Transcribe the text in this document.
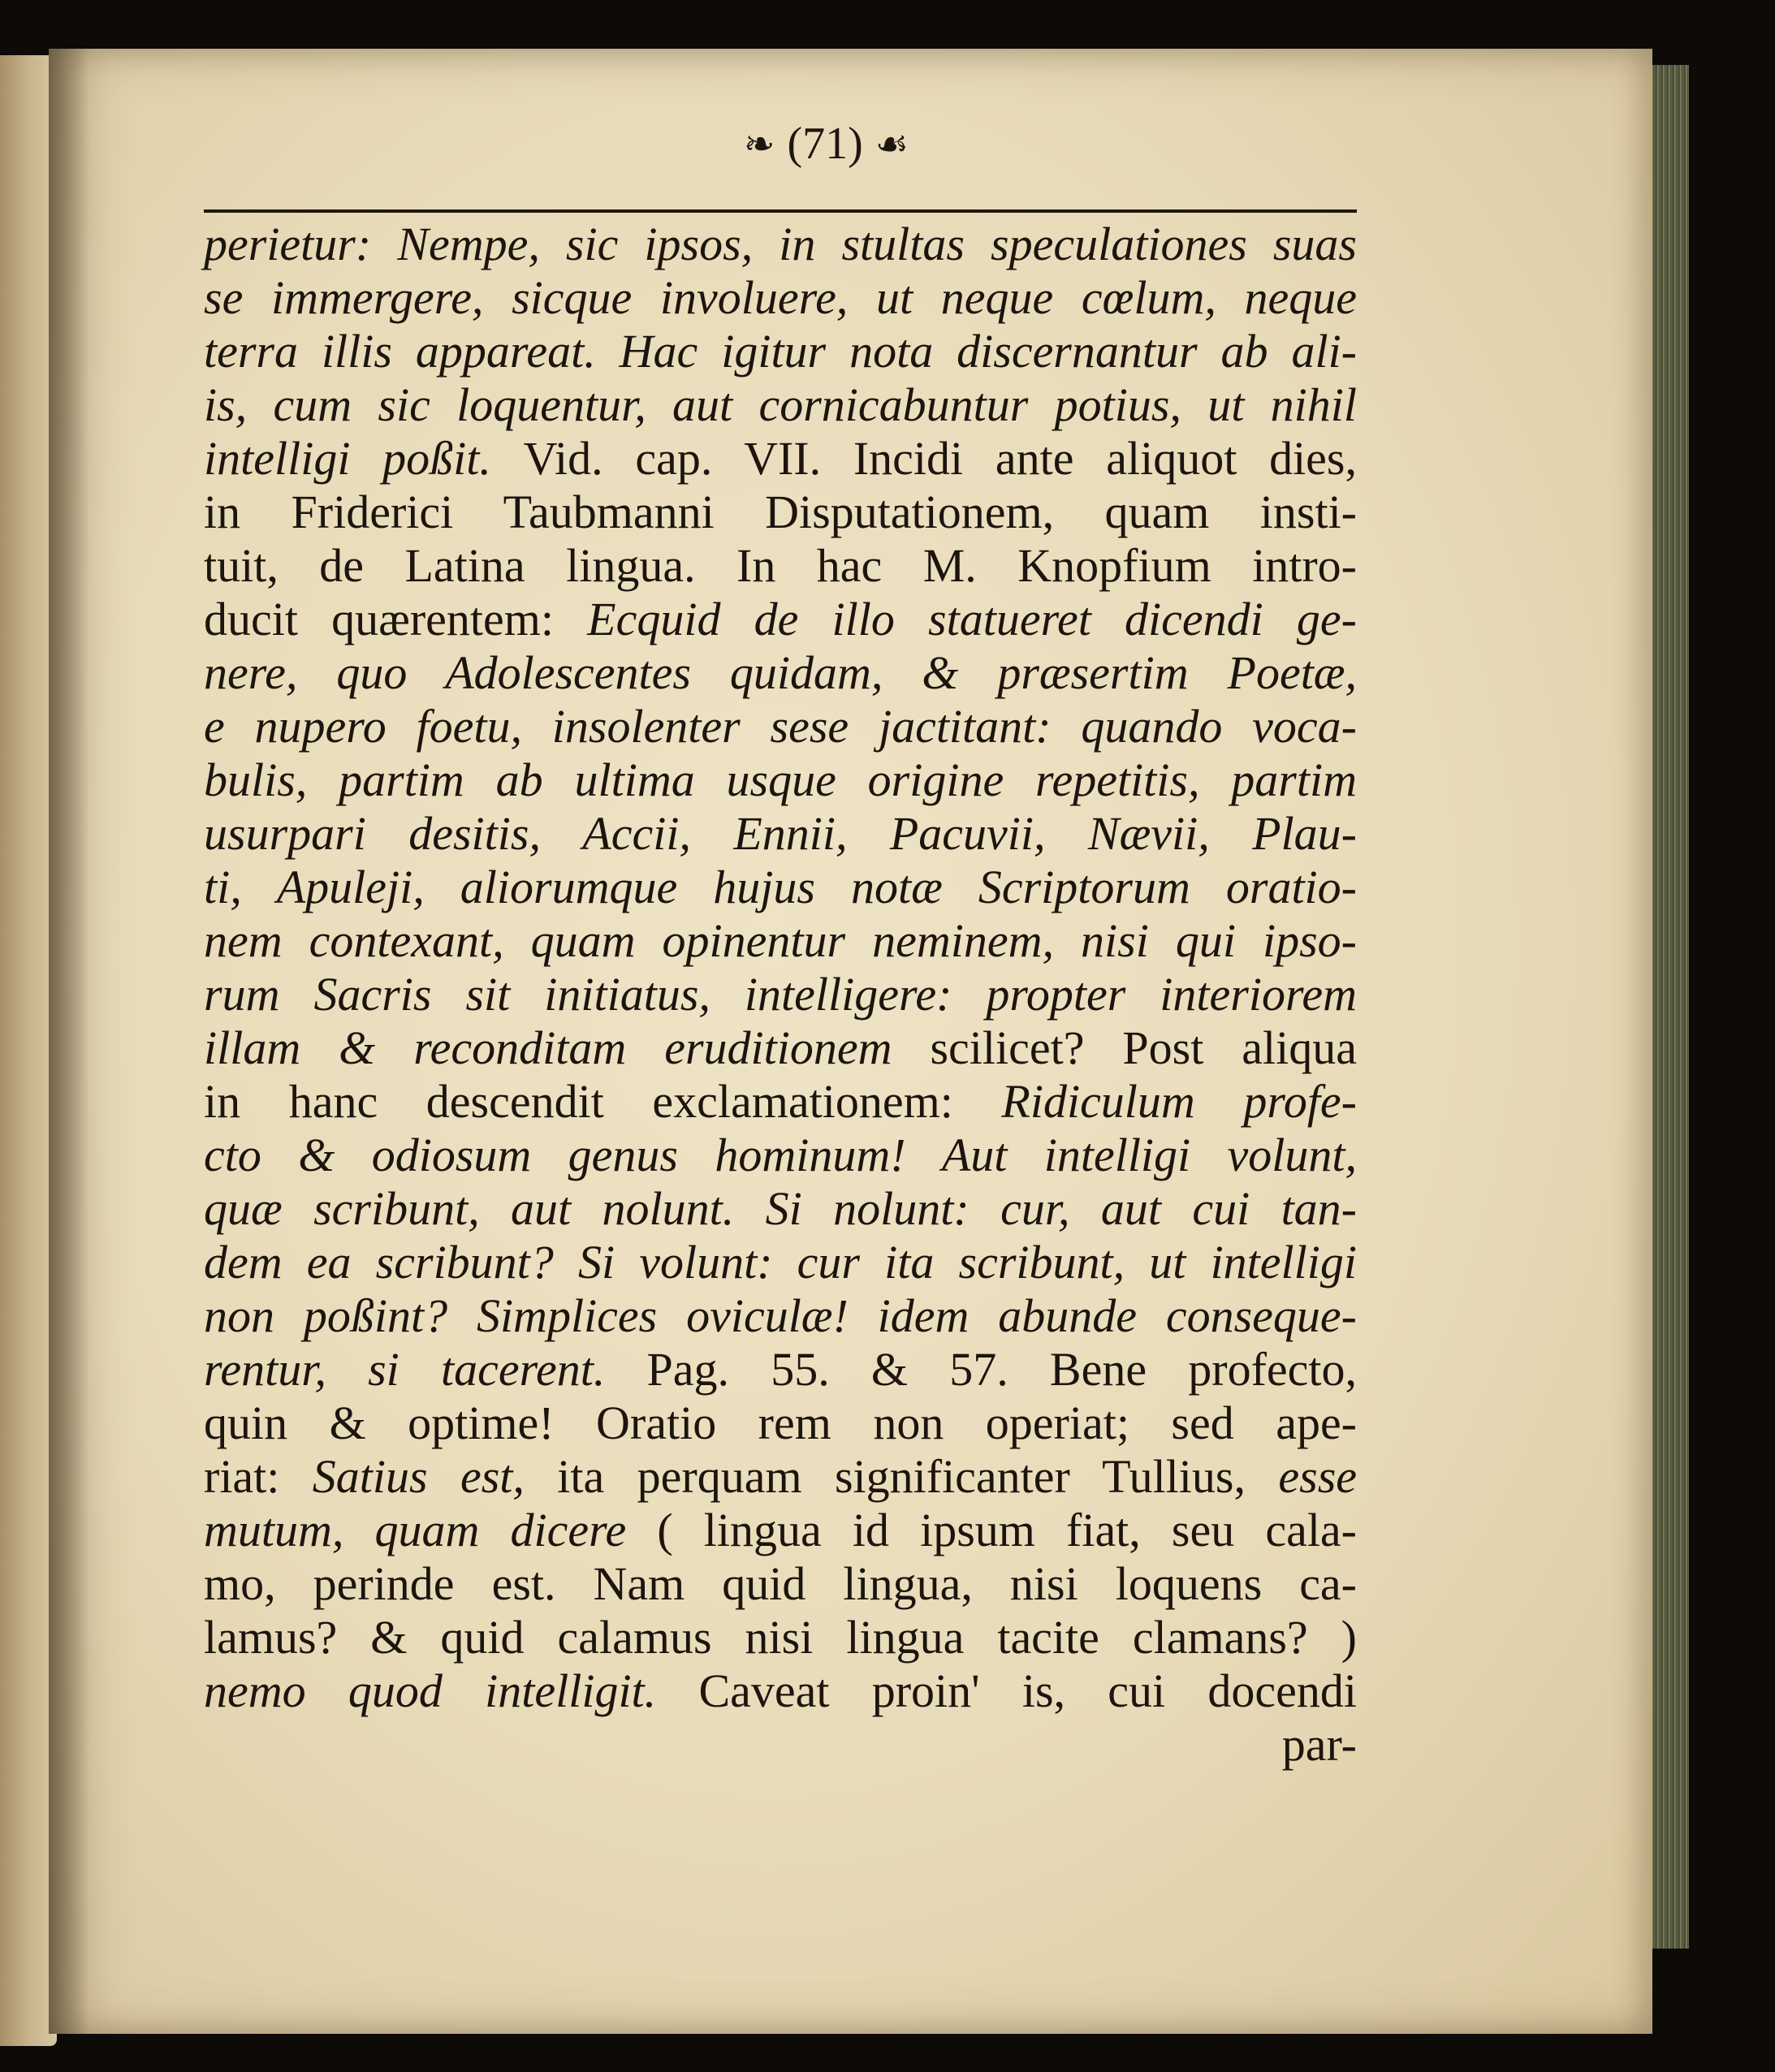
❧ (71) ☙
perietur: Nempe, sic ipsos, in stultas speculationes suas
se immergere, sicque involuere, ut neque cœlum, neque
terra illis appareat. Hac igitur nota discernantur ab ali-
is, cum sic loquentur, aut cornicabuntur potius, ut nihil
intelligi poßit. Vid. cap. VII. Incidi ante aliquot dies,
in Friderici Taubmanni Disputationem, quam insti-
tuit, de Latina lingua. In hac M. Knopfium intro-
ducit quærentem: Ecquid de illo statueret dicendi ge-
nere, quo Adolescentes quidam, & præsertim Poetæ,
e nupero foetu, insolenter sese jactitant: quando voca-
bulis, partim ab ultima usque origine repetitis, partim
usurpari desitis, Accii, Ennii, Pacuvii, Nævii, Plau-
ti, Apuleji, aliorumque hujus notæ Scriptorum oratio-
nem contexant, quam opinentur neminem, nisi qui ipso-
rum Sacris sit initiatus, intelligere: propter interiorem
illam & reconditam eruditionem scilicet? Post aliqua
in hanc descendit exclamationem: Ridiculum profe-
cto & odiosum genus hominum! Aut intelligi volunt,
quæ scribunt, aut nolunt. Si nolunt: cur, aut cui tan-
dem ea scribunt? Si volunt: cur ita scribunt, ut intelligi
non poßint? Simplices oviculæ! idem abunde conseque-
rentur, si tacerent. Pag. 55. & 57. Bene profecto,
quin & optime! Oratio rem non operiat; sed ape-
riat: Satius est, ita perquam significanter Tullius, esse
mutum, quam dicere ( lingua id ipsum fiat, seu cala-
mo, perinde est. Nam quid lingua, nisi loquens ca-
lamus? & quid calamus nisi lingua tacite clamans? )
nemo quod intelligit. Caveat proin' is, cui docendi
par-
